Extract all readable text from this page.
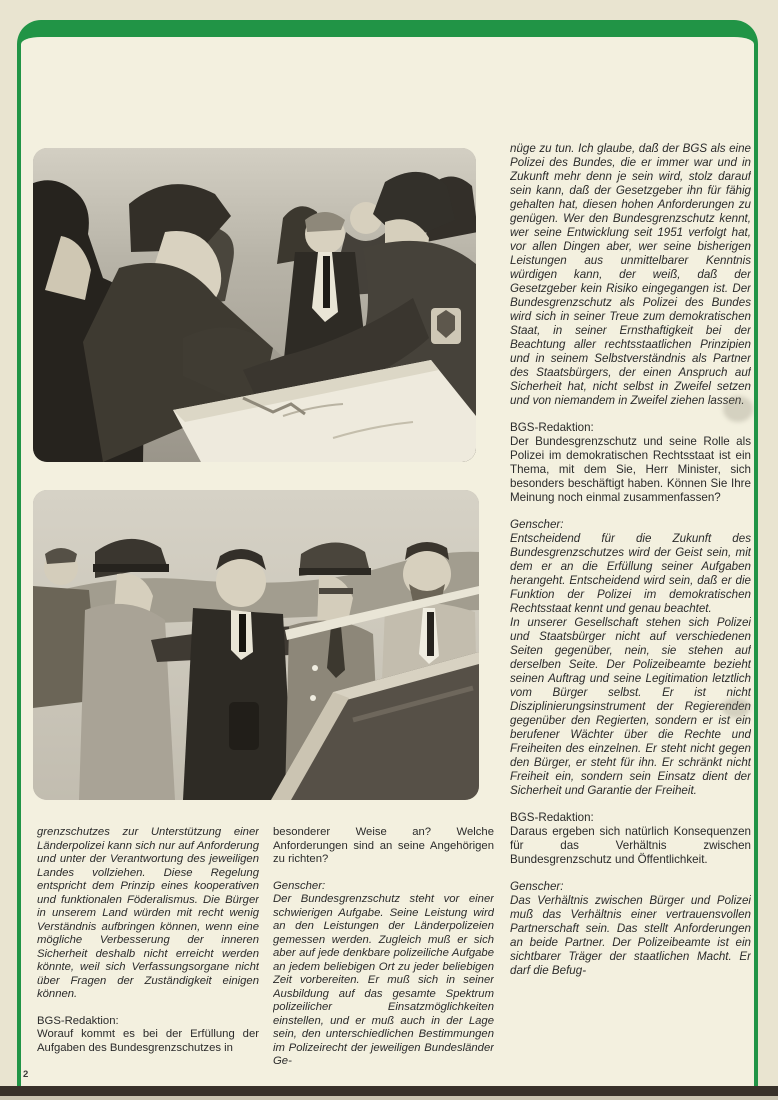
nüge zu tun. Ich glaube, daß der BGS als eine Polizei des Bundes, die er immer war und in Zukunft mehr denn je sein wird, stolz darauf sein kann, daß der Gesetzgeber ihn für fähig gehalten hat, diesen hohen Anforderungen zu genügen. Wer den Bundesgrenzschutz kennt, wer seine Entwicklung seit 1951 verfolgt hat, vor allen Dingen aber, wer seine bisherigen Leistungen aus unmittelbarer Kenntnis würdigen kann, der weiß, daß der Gesetzgeber kein Risiko eingegangen ist. Der Bundesgrenzschutz als Polizei des Bundes wird sich in seiner Treue zum demokratischen Staat, in seiner Ernsthaftigkeit bei der Beachtung aller rechtsstaatlichen Prinzipien und in seinem Selbstverständnis als Partner des Staatsbürgers, der einen Anspruch auf Sicherheit hat, nicht selbst in Zweifel setzen und von niemandem in Zweifel ziehen lassen.

BGS-Redaktion:

Der Bundesgrenzschutz und seine Rolle als Polizei im demokratischen Rechtsstaat ist ein Thema, mit dem Sie, Herr Minister, sich besonders beschäftigt haben. Können Sie Ihre Meinung noch einmal zusammenfassen?

Genscher:

Entscheidend für die Zukunft des Bundesgrenzschutzes wird der Geist sein, mit dem er an die Erfüllung seiner Aufgaben herangeht. Entscheidend wird sein, daß er die Funktion der Polizei im demokratischen Rechtsstaat kennt und genau beachtet.

In unserer Gesellschaft stehen sich Polizei und Staatsbürger nicht auf verschiedenen Seiten gegenüber, nein, sie stehen auf derselben Seite. Der Polizeibeamte bezieht seinen Auftrag und seine Legitimation letztlich vom Bürger selbst. Er ist nicht Disziplinierungsinstrument der Regierenden gegenüber den Regierten, sondern er ist ein berufener Wächter über die Rechte und Freiheiten des einzelnen. Er steht nicht gegen den Bürger, er steht für ihn. Er schränkt nicht Freiheit ein, sondern sein Einsatz dient der Sicherheit und Garantie der Freiheit.

BGS-Redaktion:

Daraus ergeben sich natürlich Konsequenzen für das Verhältnis zwischen Bundesgrenzschutz und Öffentlichkeit.

Genscher:

Das Verhältnis zwischen Bürger und Polizei muß das Verhältnis einer vertrauensvollen Partnerschaft sein. Das stellt Anforderungen an beide Partner. Der Polizeibeamte ist ein sichtbarer Träger der staatlichen Macht. Er darf die Befug-

grenzschutzes zur Unterstützung einer Länderpolizei kann sich nur auf Anforderung und unter der Verantwortung des jeweiligen Landes vollziehen. Diese Regelung entspricht dem Prinzip eines kooperativen und funktionalen Föderalismus. Die Bürger in unserem Land würden mit recht wenig Verständnis aufbringen können, wenn eine mögliche Verbesserung der inneren Sicherheit deshalb nicht erreicht werden könnte, weil sich Verfassungsorgane nicht über Fragen der Zuständigkeit einigen können.

BGS-Redaktion:

Worauf kommt es bei der Erfüllung der Aufgaben des Bundesgrenzschutzes in

besonderer Weise an? Welche Anforderungen sind an seine Angehörigen zu richten?

Genscher:

Der Bundesgrenzschutz steht vor einer schwierigen Aufgabe. Seine Leistung wird an den Leistungen der Länderpolizeien gemessen werden. Zugleich muß er sich aber auf jede denkbare polizeiliche Aufgabe an jedem beliebigen Ort zu jeder beliebigen Zeit vorbereiten. Er muß sich in seiner Ausbildung auf das gesamte Spektrum polizeilicher Einsatzmöglichkeiten einstellen, und er muß auch in der Lage sein, den unterschiedlichen Bestimmungen im Polizeirecht der jeweiligen Bundesländer Ge-

2
